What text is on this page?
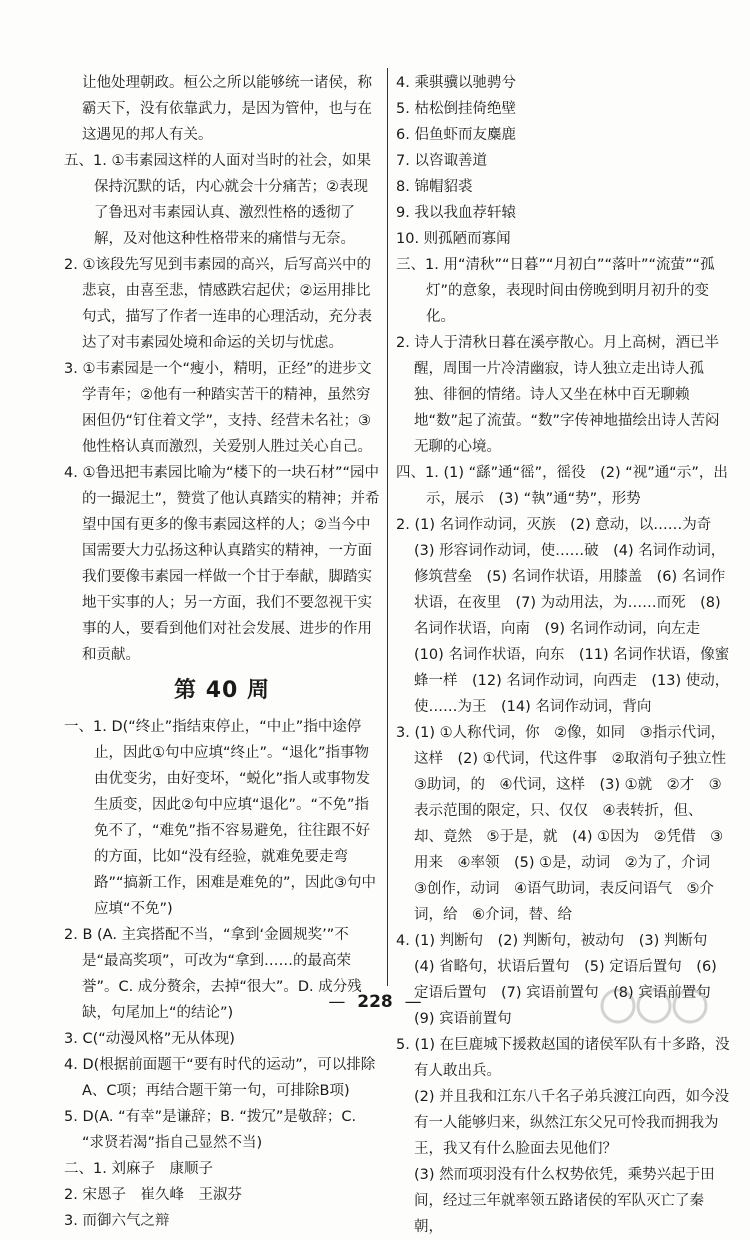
让他处理朝政。桓公之所以能够统一诸侯，称霸天下，没有依靠武力，是因为管仲，也与在这遇见的邦人有关。
五、1. ①韦素园这样的人面对当时的社会，如果保持沉默的话，内心就会十分痛苦；②表现了鲁迅对韦素园认真、激烈性格的透彻了解，及对他这种性格带来的痛惜与无奈。
2. ①该段先写见到韦素园的高兴，后写高兴中的悲哀，由喜至悲，情感跌宕起伏；②运用排比句式，描写了作者一连串的心理活动，充分表达了对韦素园处境和命运的关切与忧虑。
3. ①韦素园是一个“瘦小，精明，正经”的进步文学青年；②他有一种踏实苦干的精神，虽然穷困但仍“钉住着文学”，支持、经营未名社；③他性格认真而激烈，关爱别人胜过关心自己。
4. ①鲁迅把韦素园比喻为“楼下的一块石材”“园中的一撮泥土”，赞赏了他认真踏实的精神；并希望中国有更多的像韦素园这样的人；②当今中国需要大力弘扬这种认真踏实的精神，一方面我们要像韦素园一样做一个甘于奉献，脚踏实地干实事的人；另一方面，我们不要忽视干实事的人，要看到他们对社会发展、进步的作用和贡献。
第 40 周
一、1. D(“终止”指结束停止，“中止”指中途停止，因此①句中应填“终止”。“退化”指事物由优变劣，由好变坏，“蜕化”指人或事物发生质变，因此②句中应填“退化”。“不免”指免不了，“难免”指不容易避免，往往跟不好的方面，比如“没有经验，就难免要走弯路”“搞新工作，困难是难免的”，因此③句中应填“不免”)
2. B (A. 主宾搭配不当，“拿到‘金圆规奖’”不是“最高奖项”，可改为“拿到……的最高荣誉”。C. 成分赘余，去掉“很大”。D. 成分残缺，句尾加上“的结论”)
3. C(“动漫风格”无从体现)
4. D(根据前面题干“要有时代的运动”，可以排除A、C项；再结合题干第一句，可排除B项)
5. D(A. “有幸”是谦辞；B. “拨冗”是敬辞；C. “求贤若渴”指自己显然不当)
二、1. 刘麻子　康顺子
2. 宋恩子　崔久峰　王淑芬
3. 而御六气之辩
4. 乘骐骥以驰骋兮
5. 枯松倒挂倚绝壁
6. 侣鱼虾而友麋鹿
7. 以咨诹善道
8. 锦帽貂裘
9. 我以我血荐轩辕
10. 则孤陋而寡闻
三、1. 用“清秋”“日暮”“月初白”“落叶”“流萤”“孤灯”的意象，表现时间由傍晚到明月初升的变化。
2. 诗人于清秋日暮在溪亭散心。月上高树，酒已半醒，周围一片冷清幽寂，诗人独立走出诗人孤独、徘徊的情绪。诗人又坐在林中百无聊赖地“数”起了流萤。“数”字传神地描绘出诗人苦闷无聊的心境。
四、1. (1) “繇”通“徭”，徭役　(2) “视”通“示”，出示，展示　(3) “執”通“势”，形势
2. (1) 名词作动词，灭族　(2) 意动，以……为奇　(3) 形容词作动词，使……破　(4) 名词作动词，修筑营垒　(5) 名词作状语，用膝盖　(6) 名词作状语，在夜里　(7) 为动用法，为……而死　(8) 名词作状语，向南　(9) 名词作动词，向左走　(10) 名词作状语，向东　(11) 名词作状语，像蜜蜂一样　(12) 名词作动词，向西走　(13) 使动，使……为王　(14) 名词作动词，背向
3. (1) ①人称代词，你　②像，如同　③指示代词，这样　(2) ①代词，代这件事　②取消句子独立性　③助词，的　④代词，这样　(3) ①就　②才　③表示范围的限定，只、仅仅　④表转折，但、却、竟然　⑤于是，就　(4) ①因为　②凭借　③用来　④率领　(5) ①是，动词　②为了，介词　③创作，动词　④语气助词，表反问语气　⑤介词，给　⑥介词，替、给
4. (1) 判断句　(2) 判断句，被动句　(3) 判断句　(4) 省略句，状语后置句　(5) 定语后置句　(6) 定语后置句　(7) 宾语前置句　(8) 宾语前置句　(9) 宾语前置句
5. (1) 在巨鹿城下援救赵国的诸侯军队有十多路，没有人敢出兵。
(2) 并且我和江东八千名子弟兵渡江向西，如今没有一人能够归来，纵然江东父兄可怜我而拥我为王，我又有什么脸面去见他们？
(3) 然而项羽没有什么权势依凭，乘势兴起于田间，经过三年就率领五路诸侯的军队灭亡了秦朝，
— 228 —
